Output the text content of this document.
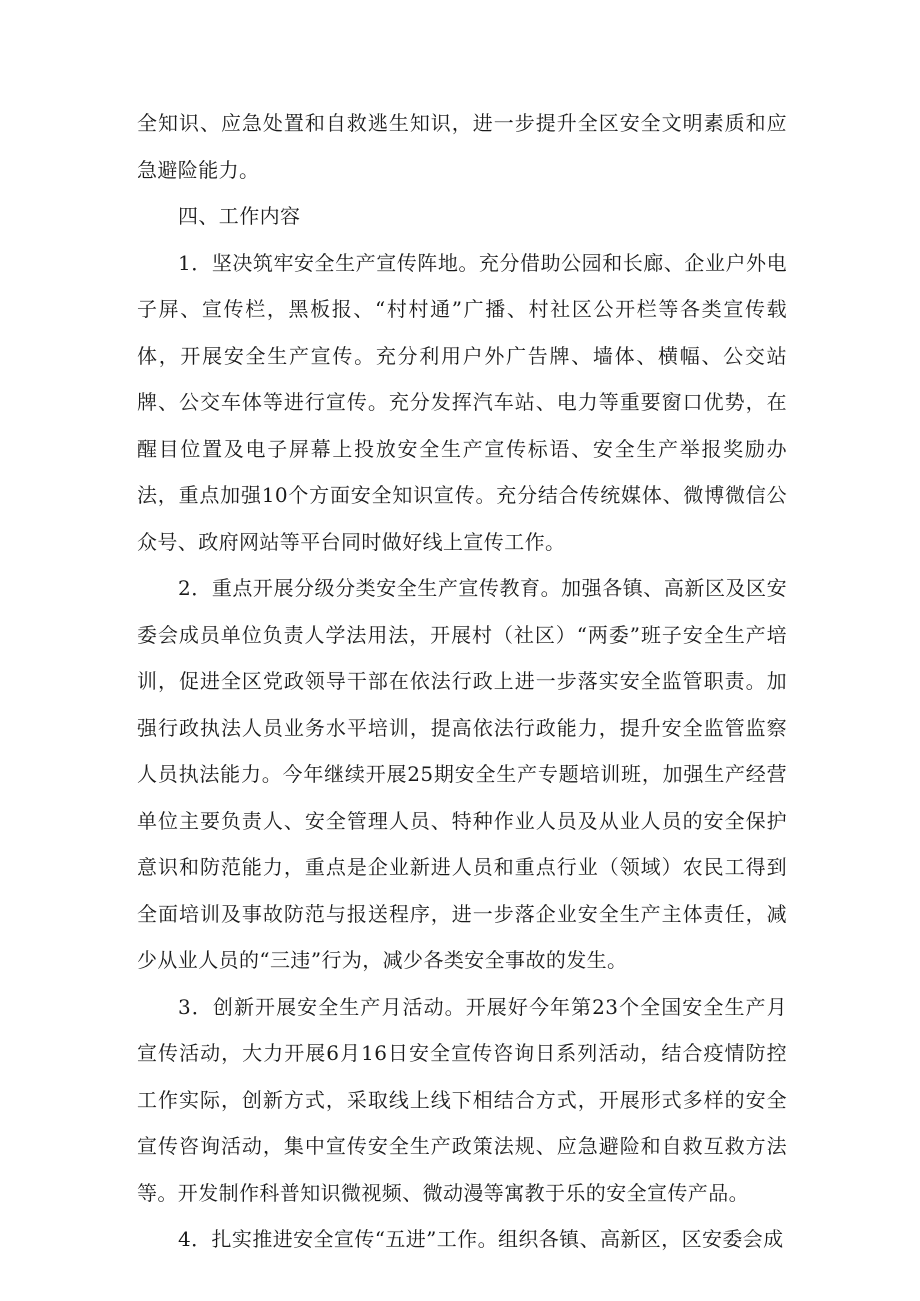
全知识、应急处置和自救逃生知识，进一步提升全区安全文明素质和应急避险能力。

四、工作内容

1．坚决筑牢安全生产宣传阵地。充分借助公园和长廊、企业户外电子屏、宣传栏，黑板报、“村村通”广播、村社区公开栏等各类宣传载体，开展安全生产宣传。充分利用户外广告牌、墙体、横幅、公交站牌、公交车体等进行宣传。充分发挥汽车站、电力等重要窗口优势，在醒目位置及电子屏幕上投放安全生产宣传标语、安全生产举报奖励办法，重点加强10个方面安全知识宣传。充分结合传统媒体、微博微信公众号、政府网站等平台同时做好线上宣传工作。

2．重点开展分级分类安全生产宣传教育。加强各镇、高新区及区安委会成员单位负责人学法用法，开展村（社区）“两委”班子安全生产培训，促进全区党政领导干部在依法行政上进一步落实安全监管职责。加强行政执法人员业务水平培训，提高依法行政能力，提升安全监管监察人员执法能力。今年继续开展25期安全生产专题培训班，加强生产经营单位主要负责人、安全管理人员、特种作业人员及从业人员的安全保护意识和防范能力，重点是企业新进人员和重点行业（领域）农民工得到全面培训及事故防范与报送程序，进一步落企业安全生产主体责任，减少从业人员的“三违”行为，减少各类安全事故的发生。

3．创新开展安全生产月活动。开展好今年第23个全国安全生产月宣传活动，大力开展6月16日安全宣传咨询日系列活动，结合疫情防控工作实际，创新方式，采取线上线下相结合方式，开展形式多样的安全宣传咨询活动，集中宣传安全生产政策法规、应急避险和自救互救方法等。开发制作科普知识微视频、微动漫等寓教于乐的安全宣传产品。

4．扎实推进安全宣传“五进”工作。组织各镇、高新区，区安委会成
